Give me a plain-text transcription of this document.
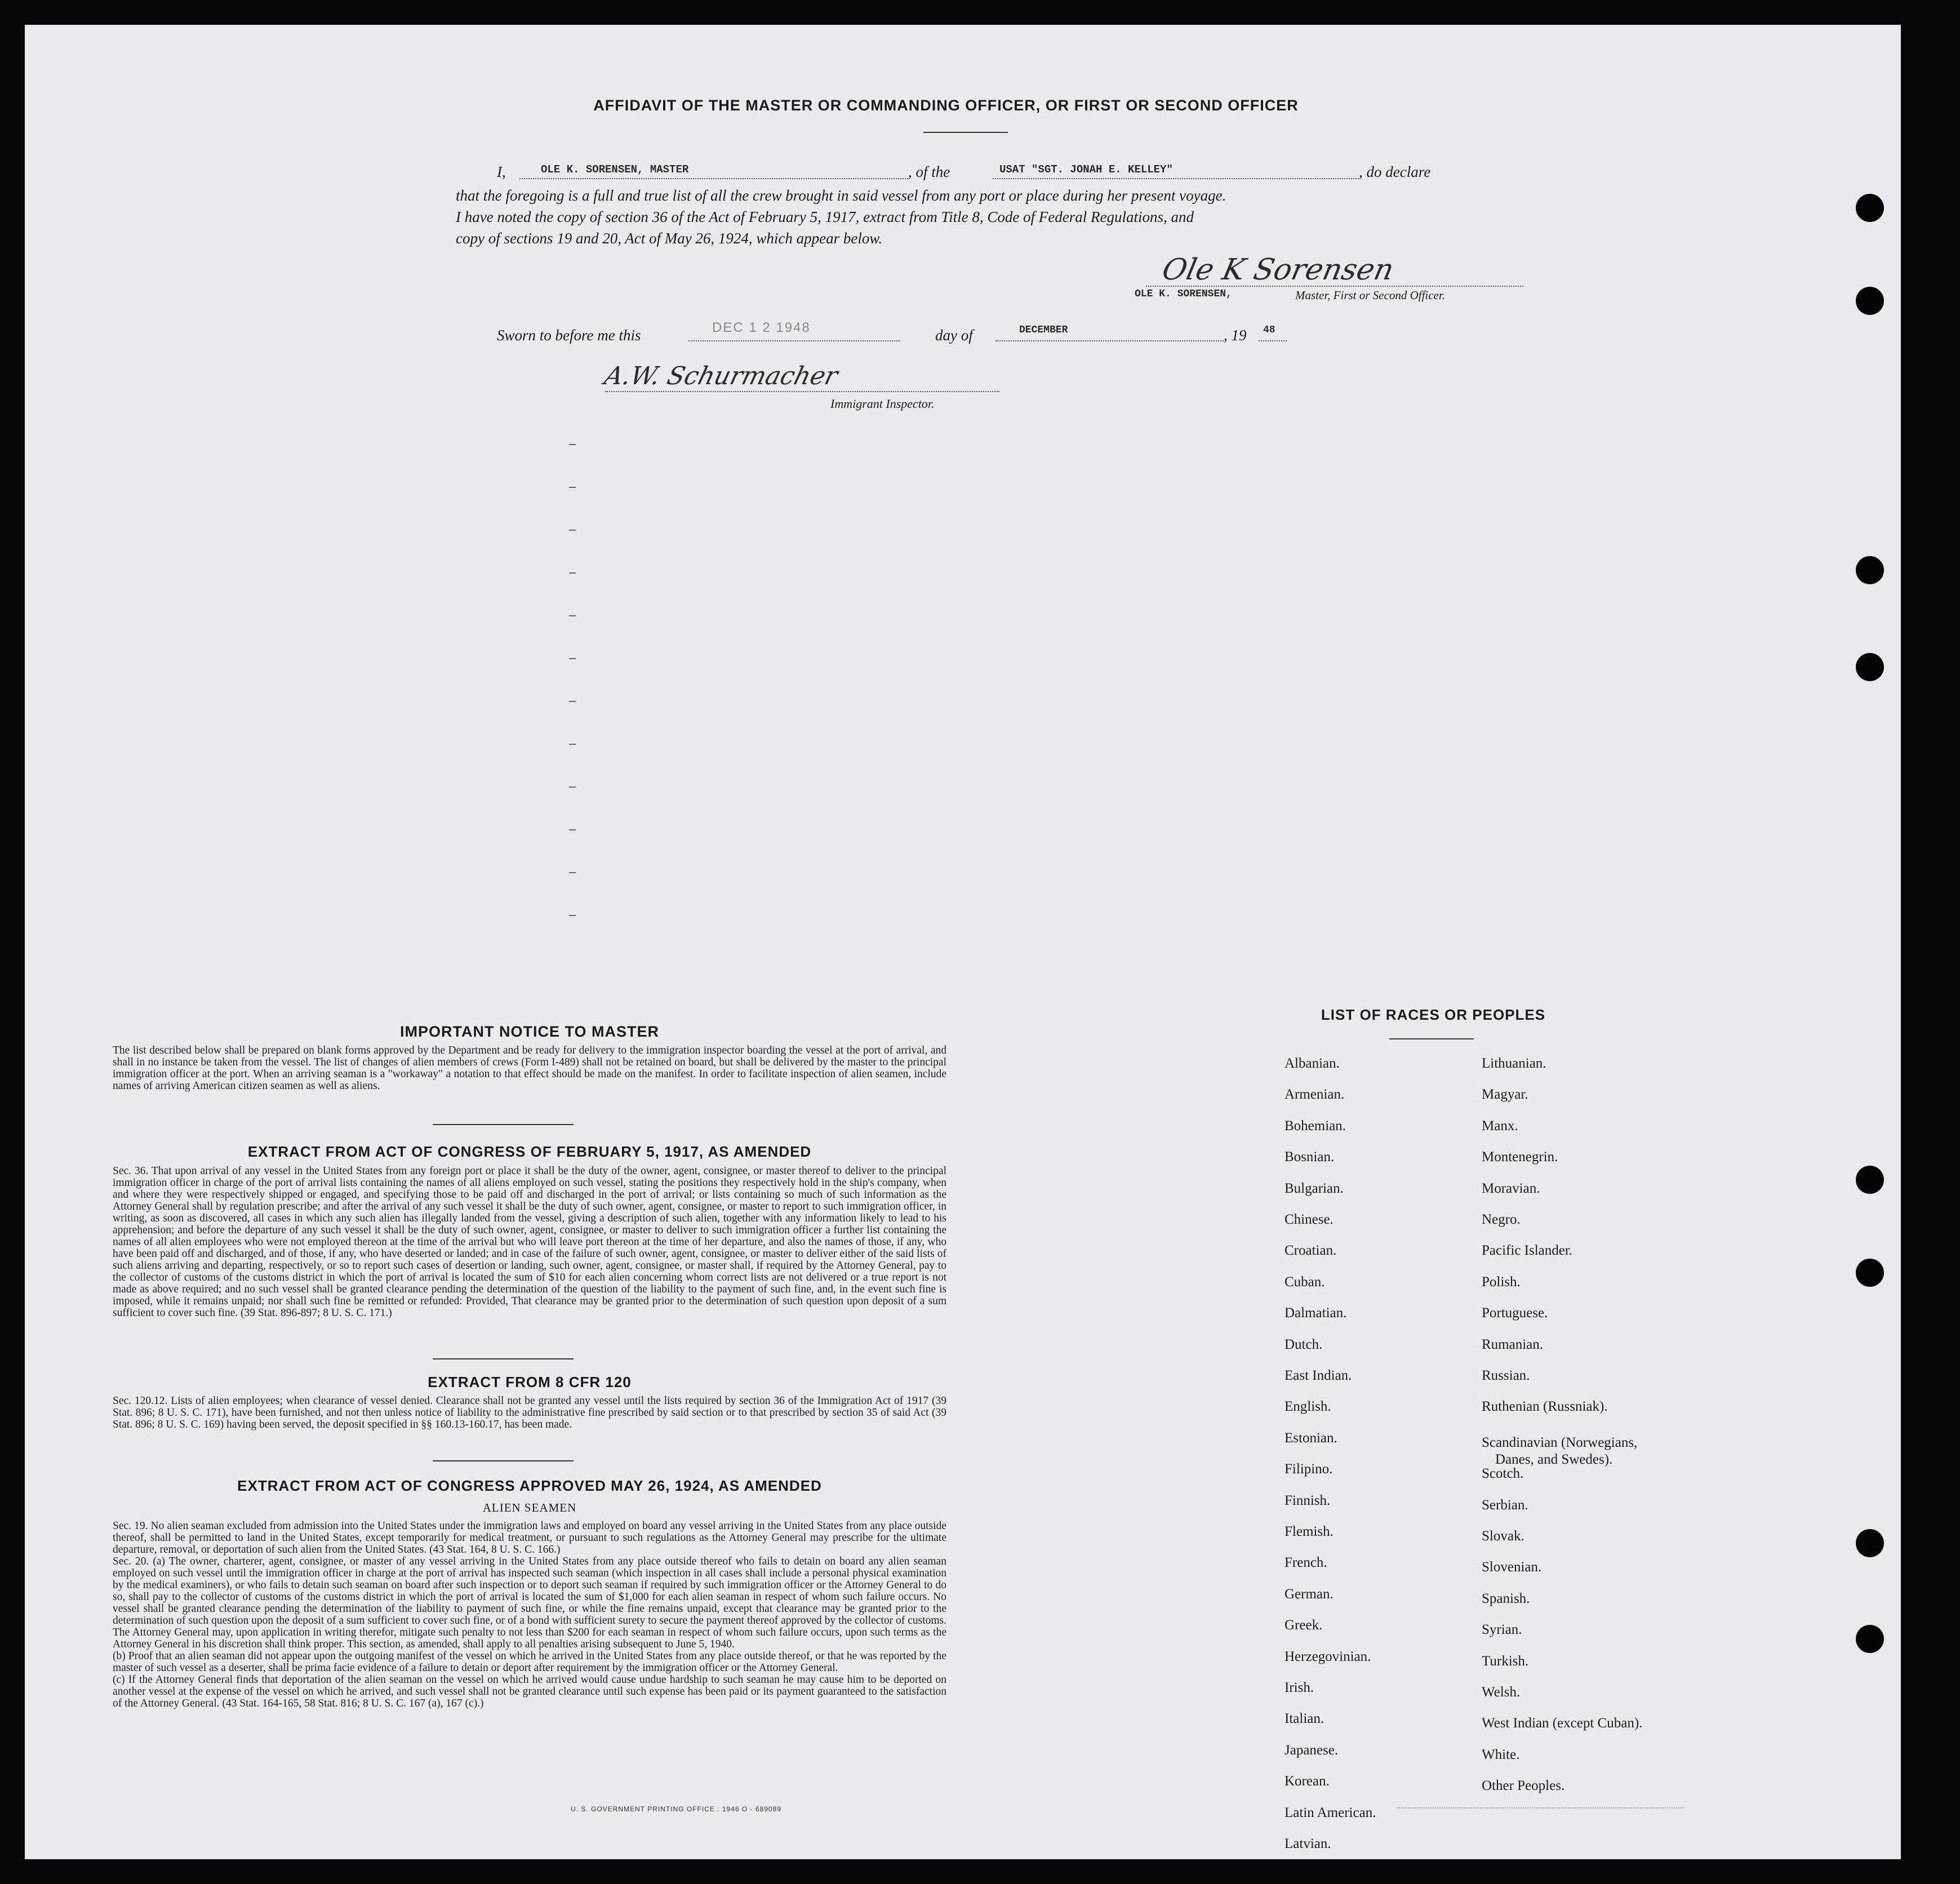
AFFIDAVIT OF THE MASTER OR COMMANDING OFFICER, OR FIRST OR SECOND OFFICER
I,	OLE K. SORENSEN, MASTER	, of the	USAT "SGT. JONAH E. KELLEY"	, do declare
that the foregoing is a full and true list of all the crew brought in said vessel from any port or place during her present voyage.
I have noted the copy of section 36 of the Act of February 5, 1917, extract from Title 8, Code of Federal Regulations, and
copy of sections 19 and 20, Act of May 26, 1924, which appear below.
Ole K Sorensen
OLE K. SORENSEN,	Master, First or Second Officer.
Sworn to before me this	DEC 1 2 1948	day of	DECEMBER	, 19 48
A.W. Schurmacher
Immigrant Inspector.
IMPORTANT NOTICE TO MASTER
The list described below shall be prepared on blank forms approved by the Department and be ready for delivery to the immigration inspector boarding the vessel at the port of arrival, and shall in no instance be taken from the vessel. The list of changes of alien members of crews (Form I-489) shall not be retained on board, but shall be delivered by the master to the principal immigration officer at the port. When an arriving seaman is a "workaway" a notation to that effect should be made on the manifest. In order to facilitate inspection of alien seamen, include names of arriving American citizen seamen as well as aliens.
EXTRACT FROM ACT OF CONGRESS OF FEBRUARY 5, 1917, AS AMENDED
Sec. 36. That upon arrival of any vessel in the United States from any foreign port or place it shall be the duty of the owner, agent, consignee, or master thereof to deliver to the principal immigration officer in charge of the port of arrival lists containing the names of all aliens employed on such vessel, stating the positions they respectively hold in the ship's company, when and where they were respectively shipped or engaged, and specifying those to be paid off and discharged in the port of arrival; or lists containing so much of such information as the Attorney General shall by regulation prescribe; and after the arrival of any such vessel it shall be the duty of such owner, agent, consignee, or master to report to such immigration officer, in writing, as soon as discovered, all cases in which any such alien has illegally landed from the vessel, giving a description of such alien, together with any information likely to lead to his apprehension; and before the departure of any such vessel it shall be the duty of such owner, agent, consignee, or master to deliver to such immigration officer a further list containing the names of all alien employees who were not employed thereon at the time of the arrival but who will leave port thereon at the time of her departure, and also the names of those, if any, who have been paid off and discharged, and of those, if any, who have deserted or landed; and in case of the failure of such owner, agent, consignee, or master to deliver either of the said lists of such aliens arriving and departing, respectively, or so to report such cases of desertion or landing, such owner, agent, consignee, or master shall, if required by the Attorney General, pay to the collector of customs of the customs district in which the port of arrival is located the sum of $10 for each alien concerning whom correct lists are not delivered or a true report is not made as above required; and no such vessel shall be granted clearance pending the determination of the question of the liability to the payment of such fine, and, in the event such fine is imposed, while it remains unpaid; nor shall such fine be remitted or refunded: Provided, That clearance may be granted prior to the determination of such question upon deposit of a sum sufficient to cover such fine. (39 Stat. 896-897; 8 U. S. C. 171.)
EXTRACT FROM 8 CFR 120
Sec. 120.12. Lists of alien employees; when clearance of vessel denied. Clearance shall not be granted any vessel until the lists required by section 36 of the Immigration Act of 1917 (39 Stat. 896; 8 U. S. C. 171), have been furnished, and not then unless notice of liability to the administrative fine prescribed by said section or to that prescribed by section 35 of said Act (39 Stat. 896; 8 U. S. C. 169) having been served, the deposit specified in §§ 160.13-160.17, has been made.
EXTRACT FROM ACT OF CONGRESS APPROVED MAY 26, 1924, AS AMENDED
ALIEN SEAMEN
Sec. 19. No alien seaman excluded from admission into the United States under the immigration laws and employed on board any vessel arriving in the United States from any place outside thereof, shall be permitted to land in the United States, except temporarily for medical treatment, or pursuant to such regulations as the Attorney General may prescribe for the ultimate departure, removal, or deportation of such alien from the United States. (43 Stat. 164, 8 U. S. C. 166.)
Sec. 20. (a) The owner, charterer, agent, consignee, or master of any vessel arriving in the United States from any place outside thereof who fails to detain on board any alien seaman employed on such vessel until the immigration officer in charge at the port of arrival has inspected such seaman (which inspection in all cases shall include a personal physical examination by the medical examiners), or who fails to detain such seaman on board after such inspection or to deport such seaman if required by such immigration officer or the Attorney General to do so, shall pay to the collector of customs of the customs district in which the port of arrival is located the sum of $1,000 for each alien seaman in respect of whom such failure occurs. No vessel shall be granted clearance pending the determination of the liability to payment of such fine, or while the fine remains unpaid, except that clearance may be granted prior to the determination of such question upon the deposit of a sum sufficient to cover such fine, or of a bond with sufficient surety to secure the payment thereof approved by the collector of customs. The Attorney General may, upon application in writing therefor, mitigate such penalty to not less than $200 for each seaman in respect of whom such failure occurs, upon such terms as the Attorney General in his discretion shall think proper. This section, as amended, shall apply to all penalties arising subsequent to June 5, 1940.
(b) Proof that an alien seaman did not appear upon the outgoing manifest of the vessel on which he arrived in the United States from any place outside thereof, or that he was reported by the master of such vessel as a deserter, shall be prima facie evidence of a failure to detain or deport after requirement by the immigration officer or the Attorney General.
(c) If the Attorney General finds that deportation of the alien seaman on the vessel on which he arrived would cause undue hardship to such seaman he may cause him to be deported on another vessel at the expense of the vessel on which he arrived, and such vessel shall not be granted clearance until such expense has been paid or its payment guaranteed to the satisfaction of the Attorney General. (43 Stat. 164-165, 58 Stat. 816; 8 U. S. C. 167 (a), 167 (c).)
U. S. GOVERNMENT PRINTING OFFICE : 1946 O - 689089
LIST OF RACES OR PEOPLES
Albanian.
Armenian.
Bohemian.
Bosnian.
Bulgarian.
Chinese.
Croatian.
Cuban.
Dalmatian.
Dutch.
East Indian.
English.
Estonian.
Filipino.
Finnish.
Flemish.
French.
German.
Greek.
Herzegovinian.
Irish.
Italian.
Japanese.
Korean.
Latin American.
Latvian.
Lithuanian.
Magyar.
Manx.
Montenegrin.
Moravian.
Negro.
Pacific Islander.
Polish.
Portuguese.
Rumanian.
Russian.
Ruthenian (Russniak).
Scandinavian (Norwegians,
Danes, and Swedes).
Scotch.
Serbian.
Slovak.
Slovenian.
Spanish.
Syrian.
Turkish.
Welsh.
West Indian (except Cuban).
White.
Other Peoples.
